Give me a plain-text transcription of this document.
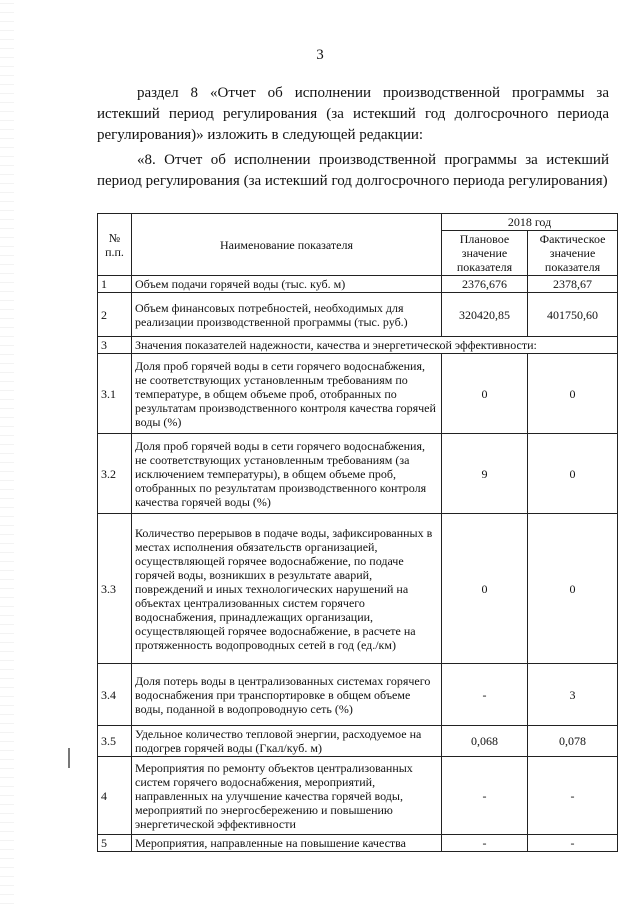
3
раздел 8 «Отчет об исполнении производственной программы за истекший период регулирования (за истекший год долгосрочного периода регулирования)» изложить в следующей редакции:
«8. Отчет об исполнении производственной программы за истекший период регулирования (за истекший год долгосрочного периода регулирования)
№ п.п.	Наименование показателя	2018 год	
		Плановое значение показателя	Фактическое значение показателя
1	Объем подачи горячей воды (тыс. куб. м)	2376,676	2378,67
2	Объем финансовых потребностей, необходимых для реализации производственной программы (тыс. руб.)	320420,85	401750,60
3	Значения показателей надежности, качества и энергетической эффективности:		
3.1	Доля проб горячей воды в сети горячего водоснабжения, не соответствующих установленным требованиям по температуре, в общем объеме проб, отобранных по результатам производственного контроля качества горячей воды (%)	0	0
3.2	Доля проб горячей воды в сети горячего водоснабжения, не соответствующих установленным требованиям (за исключением температуры), в общем объеме проб, отобранных по результатам производственного контроля качества горячей воды (%)	9	0
3.3	Количество перерывов в подаче воды, зафиксированных в местах исполнения обязательств организацией, осуществляющей горячее водоснабжение, по подаче горячей воды, возникших в результате аварий, повреждений и иных технологических нарушений на объектах централизованных систем горячего водоснабжения, принадлежащих организации, осуществляющей горячее водоснабжение, в расчете на протяженность водопроводных сетей в год (ед./км)	0	0
3.4	Доля потерь воды в централизованных системах горячего водоснабжения при транспортировке в общем объеме воды, поданной в водопроводную сеть (%)	-	3
3.5	Удельное количество тепловой энергии, расходуемое на подогрев горячей воды (Гкал/куб. м)	0,068	0,078
4	Мероприятия по ремонту объектов централизованных систем горячего водоснабжения, мероприятий, направленных на улучшение качества горячей воды, мероприятий по энергосбережению и повышению энергетической эффективности	-	-
5	Мероприятия, направленные на повышение качества	-	-
